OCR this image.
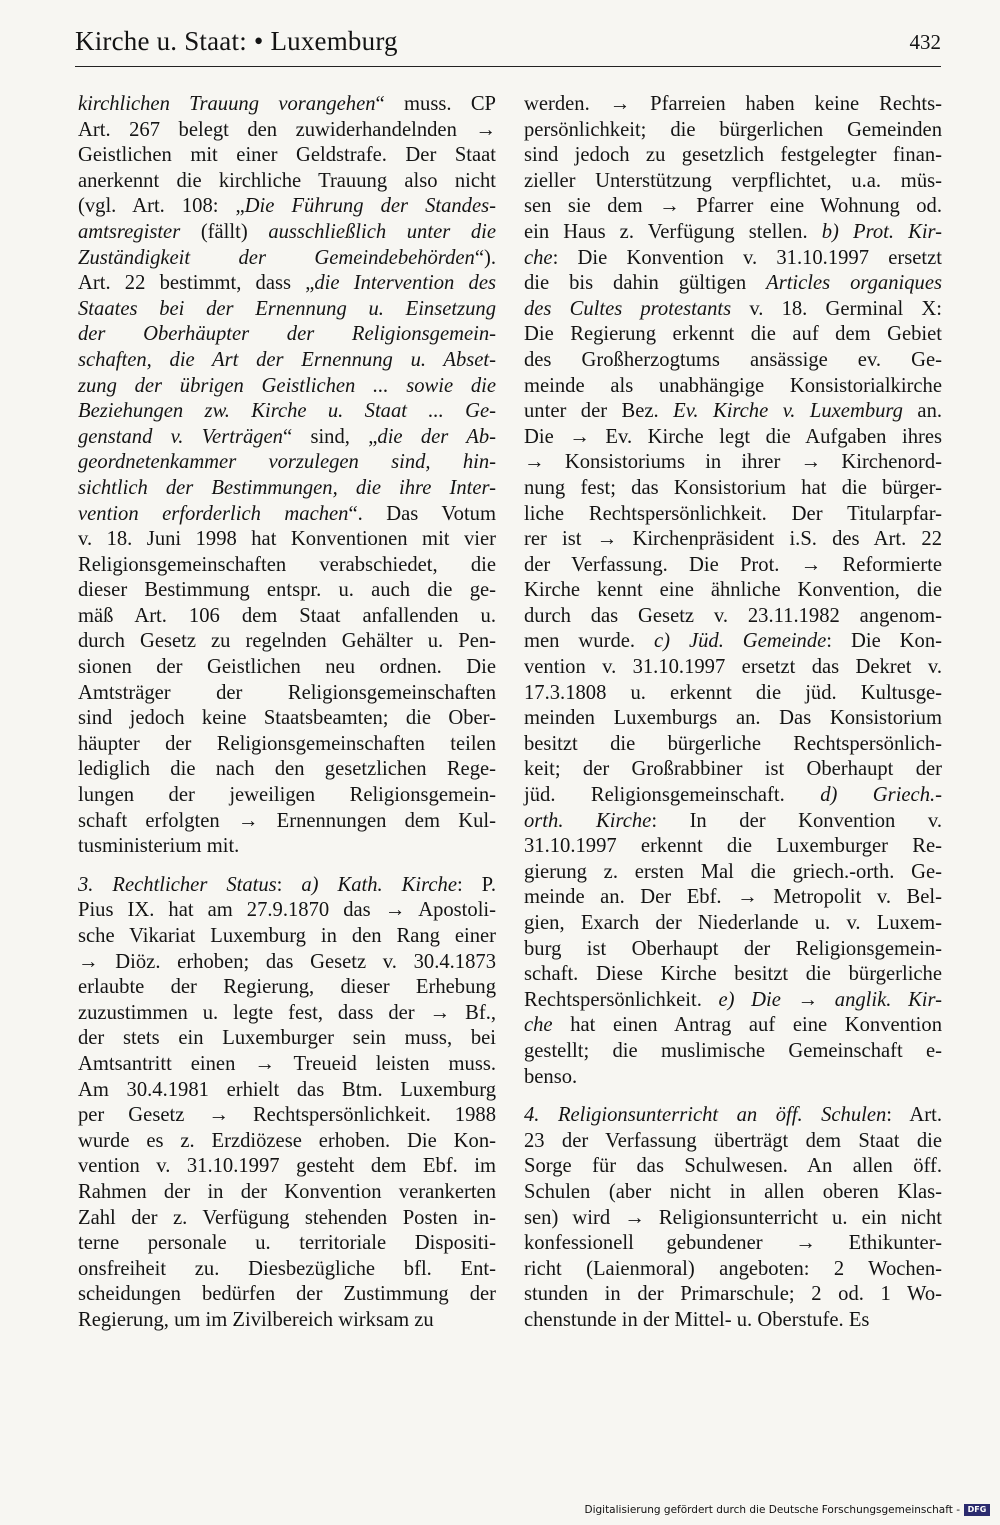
Kirche u. Staat: • Luxemburg	432
kirchlichen Trauung vorangehen“ muss. CP
Art. 267 belegt den zuwiderhandelnden →
Geistlichen mit einer Geldstrafe. Der Staat
anerkennt die kirchliche Trauung also nicht
(vgl. Art. 108: „Die Führung der Standes-
amtsregister (fällt) ausschließlich unter die
Zuständigkeit der Gemeindebehörden“).
Art. 22 bestimmt, dass „die Intervention des
Staates bei der Ernennung u. Einsetzung
der Oberhäupter der Religionsgemein-
schaften, die Art der Ernennung u. Abset-
zung der übrigen Geistlichen ... sowie die
Beziehungen zw. Kirche u. Staat ... Ge-
genstand v. Verträgen“ sind, „die der Ab-
geordnetenkammer vorzulegen sind, hin-
sichtlich der Bestimmungen, die ihre Inter-
vention erforderlich machen“. Das Votum
v. 18. Juni 1998 hat Konventionen mit vier
Religionsgemeinschaften verabschiedet, die
dieser Bestimmung entspr. u. auch die ge-
mäß Art. 106 dem Staat anfallenden u.
durch Gesetz zu regelnden Gehälter u. Pen-
sionen der Geistlichen neu ordnen. Die
Amtsträger der Religionsgemeinschaften
sind jedoch keine Staatsbeamten; die Ober-
häupter der Religionsgemeinschaften teilen
lediglich die nach den gesetzlichen Rege-
lungen der jeweiligen Religionsgemein-
schaft erfolgten → Ernennungen dem Kul-
tusministerium mit.
3. Rechtlicher Status: a) Kath. Kirche: P.
Pius IX. hat am 27.9.1870 das → Apostoli-
sche Vikariat Luxemburg in den Rang einer
→ Diöz. erhoben; das Gesetz v. 30.4.1873
erlaubte der Regierung, dieser Erhebung
zuzustimmen u. legte fest, dass der → Bf.,
der stets ein Luxemburger sein muss, bei
Amtsantritt einen → Treueid leisten muss.
Am 30.4.1981 erhielt das Btm. Luxemburg
per Gesetz → Rechtspersönlichkeit. 1988
wurde es z. Erzdiözese erhoben. Die Kon-
vention v. 31.10.1997 gesteht dem Ebf. im
Rahmen der in der Konvention verankerten
Zahl der z. Verfügung stehenden Posten in-
terne personale u. territoriale Dispositi-
onsfreiheit zu. Diesbezügliche bfl. Ent-
scheidungen bedürfen der Zustimmung der
Regierung, um im Zivilbereich wirksam zu
werden. → Pfarreien haben keine Rechts-
persönlichkeit; die bürgerlichen Gemeinden
sind jedoch zu gesetzlich festgelegter finan-
zieller Unterstützung verpflichtet, u.a. müs-
sen sie dem → Pfarrer eine Wohnung od.
ein Haus z. Verfügung stellen. b) Prot. Kir-
che: Die Konvention v. 31.10.1997 ersetzt
die bis dahin gültigen Articles organiques
des Cultes protestants v. 18. Germinal X:
Die Regierung erkennt die auf dem Gebiet
des Großherzogtums ansässige ev. Ge-
meinde als unabhängige Konsistorialkirche
unter der Bez. Ev. Kirche v. Luxemburg an.
Die → Ev. Kirche legt die Aufgaben ihres
→ Konsistoriums in ihrer → Kirchenord-
nung fest; das Konsistorium hat die bürger-
liche Rechtspersönlichkeit. Der Titularpfar-
rer ist → Kirchenpräsident i.S. des Art. 22
der Verfassung. Die Prot. → Reformierte
Kirche kennt eine ähnliche Konvention, die
durch das Gesetz v. 23.11.1982 angenom-
men wurde. c) Jüd. Gemeinde: Die Kon-
vention v. 31.10.1997 ersetzt das Dekret v.
17.3.1808 u. erkennt die jüd. Kultusge-
meinden Luxemburgs an. Das Konsistorium
besitzt die bürgerliche Rechtspersönlich-
keit; der Großrabbiner ist Oberhaupt der
jüd. Religionsgemeinschaft. d) Griech.-
orth. Kirche: In der Konvention v.
31.10.1997 erkennt die Luxemburger Re-
gierung z. ersten Mal die griech.-orth. Ge-
meinde an. Der Ebf. → Metropolit v. Bel-
gien, Exarch der Niederlande u. v. Luxem-
burg ist Oberhaupt der Religionsgemein-
schaft. Diese Kirche besitzt die bürgerliche
Rechtspersönlichkeit. e) Die → anglik. Kir-
che hat einen Antrag auf eine Konvention
gestellt; die muslimische Gemeinschaft e-
benso.
4. Religionsunterricht an öff. Schulen: Art.
23 der Verfassung überträgt dem Staat die
Sorge für das Schulwesen. An allen öff.
Schulen (aber nicht in allen oberen Klas-
sen) wird → Religionsunterricht u. ein nicht
konfessionell gebundener → Ethikunter-
richt (Laienmoral) angeboten: 2 Wochen-
stunden in der Primarschule; 2 od. 1 Wo-
chenstunde in der Mittel- u. Oberstufe. Es
Digitalisierung gefördert durch die Deutsche Forschungsgemeinschaft - DFG
